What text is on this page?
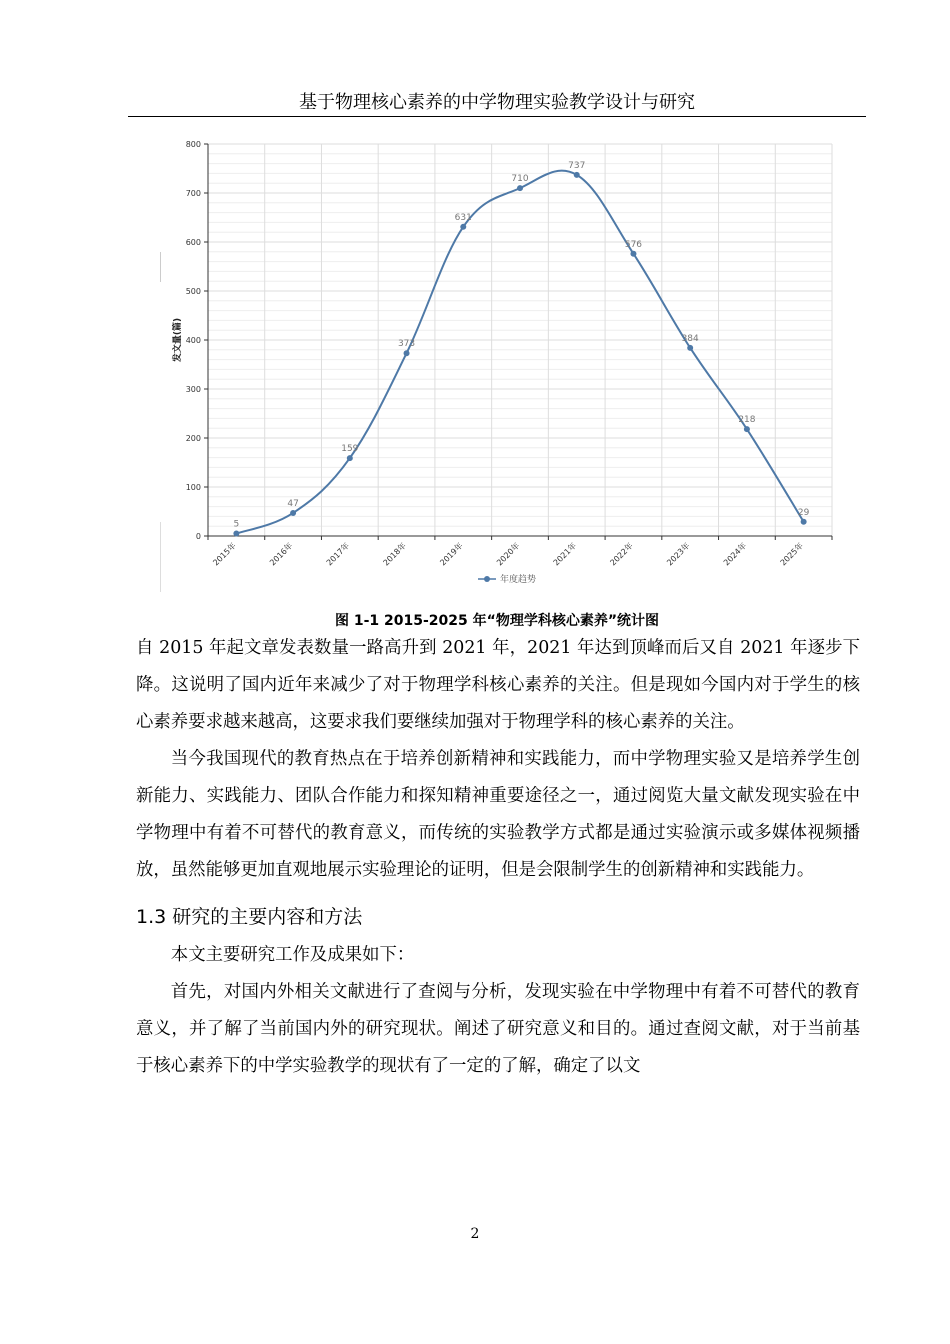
基于物理核心素养的中学物理实验教学设计与研究
5
47
159
373
631
710
737
576
384
218
29
0
100
200
300
400
500
600
700
800
2015年	2016年	2017年	2018年	2019年	2020年	2021年	2022年	2023年	2024年	2025年
发文量(篇)
年度趋势
图 1-1 2015-2025 年“物理学科核心素养”统计图

自 2015 年起文章发表数量一路高升到 2021 年，2021 年达到顶峰而后又自 2021 年逐步下降。这说明了国内近年来减少了对于物理学科核心素养的关注。但是现如今国内对于学生的核心素养要求越来越高，这要求我们要继续加强对于物理学科的核心素养的关注。

当今我国现代的教育热点在于培养创新精神和实践能力，而中学物理实验又是培养学生创新能力、实践能力、团队合作能力和探知精神重要途径之一，通过阅览大量文献发现实验在中学物理中有着不可替代的教育意义，而传统的实验教学方式都是通过实验演示或多媒体视频播放，虽然能够更加直观地展示实验理论的证明，但是会限制学生的创新精神和实践能力。

1.3 研究的主要内容和方法

本文主要研究工作及成果如下：

首先，对国内外相关文献进行了查阅与分析，发现实验在中学物理中有着不可替代的教育意义，并了解了当前国内外的研究现状。阐述了研究意义和目的。通过查阅文献，对于当前基于核心素养下的中学实验教学的现状有了一定的了解，确定了以文

2
